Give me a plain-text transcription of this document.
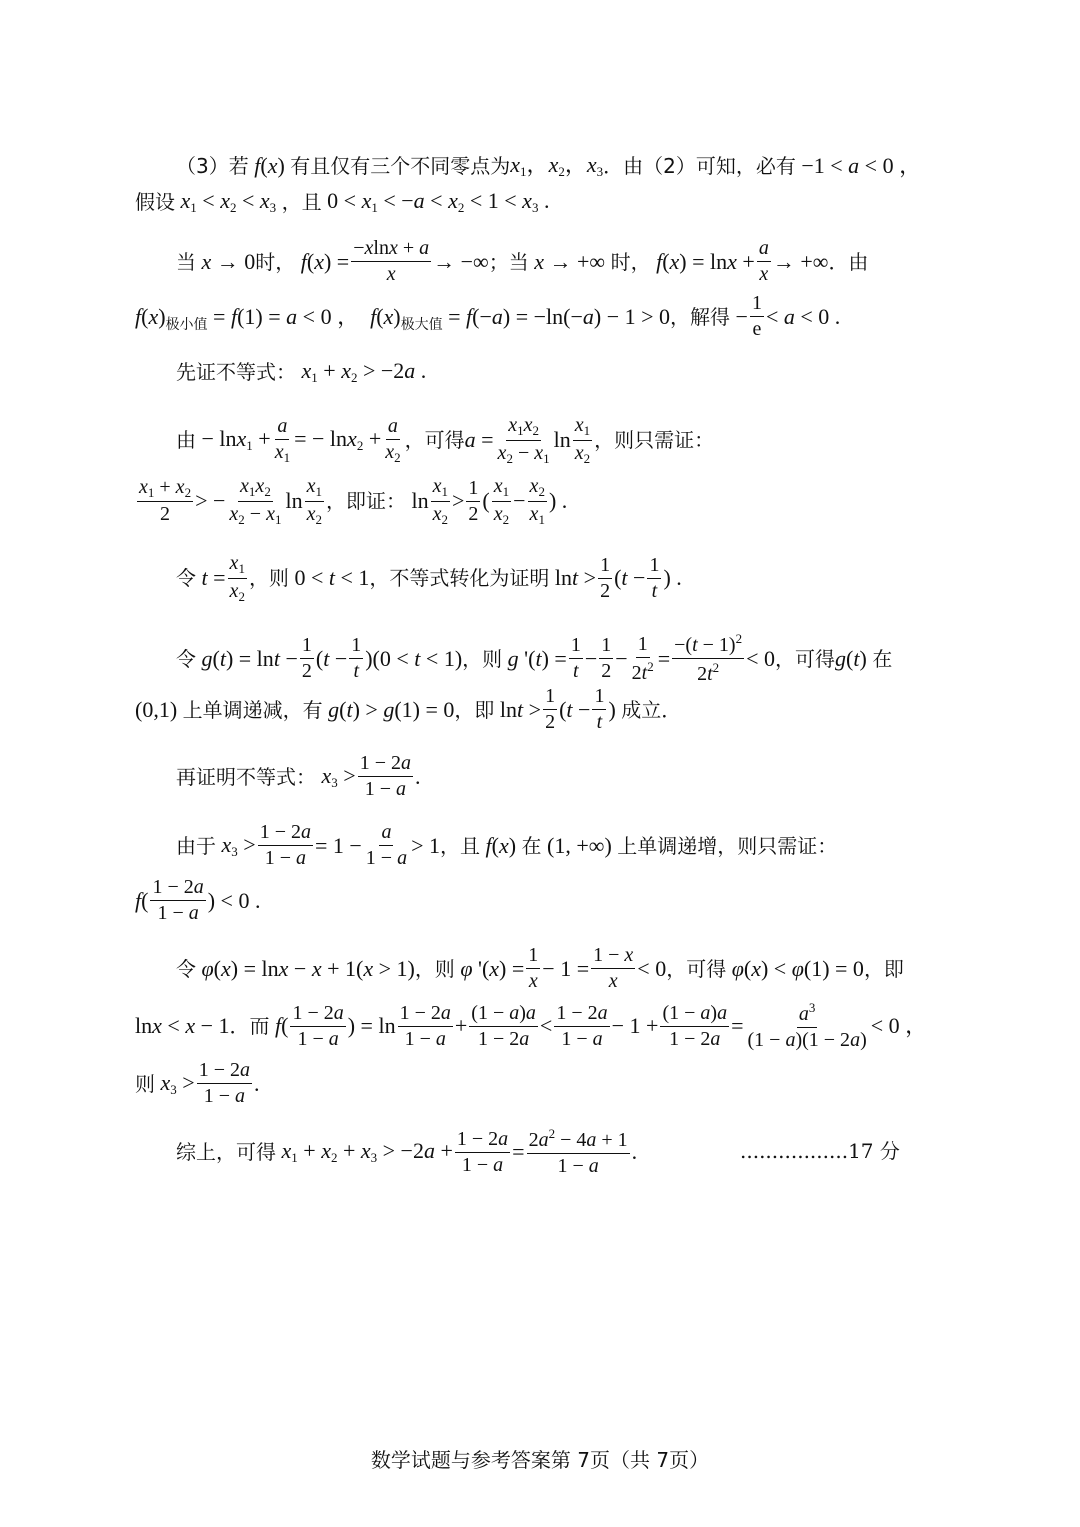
（3）若 f(x) 有且仅有三个不同零点为 $x_1$，$x_2$，$x_3$ ．由（2）可知，必有 −1 < a < 0 ，
假设 $x_1 < x_2 < x_3$ ，且 $0 < x_1 < -a < x_2 < 1 < x_3$ .
当 x → 0 时， $f(x) = \frac{-xlnx + a}{x}$ → −∞ ；当 x → +∞ 时， $f(x) = \ln x + \frac{a}{x}$ → +∞ ．由
f(x) 极小值 = f(1) = a < 0 ，  f(x) 极大值 = f(−a) = −ln(−a) − 1 > 0 ，解得 − $\frac{1}{e} < a < 0$ .
先证不等式： $x_1 + x_2 > -2a$ .
由 − $\ln x_1 + \frac{a}{x_1}$ = − $\ln x_2 + \frac{a}{x_2}$ ，可得 $a = \frac{x_1x_2}{x_2 - x_1}$ $\ln \frac{x_1}{x_2}$ ，则只需证：
$\frac{x_1 + x_2}{2}$ > − $\frac{x_1x_2}{x_2 - x_1}$ $\ln \frac{x_1}{x_2}$ ，即证： $\ln \frac{x_1}{x_2} > \frac{1}{2}$ ( $\frac{x_1}{x_2} - \frac{x_2}{x_1}$ ) .
令 $t = \frac{x_1}{x_2}$ ，则 0 < t < 1 ，不等式转化为证明 $\ln t > \frac{1}{2} (t - \frac{1}{t}$ ) .
令 $g(t) = \ln t - \frac{1}{2} (t - \frac{1}{t} )(0 < t < 1)$ ，则 g '$(t) = \frac{1}{t} - \frac{1}{2} - \frac{1}{2t^2} = \frac{-(t - 1)^2}{2t^2} < 0$ ，可得 g(t) 在
(0,1) 上单调递减，有 g(t) > g(1) = 0 ，即 $\ln t > \frac{1}{2} (t - \frac{1}{t}$ ) 成立．
再证明不等式： $x_3 > \frac{1 - 2a}{1 - a}$ .
由于 $x_3 > \frac{1 - 2a}{1 - a} = 1 - \frac{a}{1 - a} > 1$ ，且 f(x) 在 (1, +∞) 上单调递增，则只需证：
$f( \frac{1 - 2a}{1 - a}$ ) < 0 .
令 φ(x) = lnx − x + 1(x > 1) ，则 φ '$(x) = \frac{1}{x} - 1 = \frac{1 - x}{x} < 0$ ，可得 φ(x) < φ(1) = 0 ，即
lnx < x − 1 ．而 $f( \frac{1 - 2a}{1 - a}$ ) = $\ln \frac{1 - 2a}{1 - a} + \frac{(1 - a)a}{1 - 2a} < \frac{1 - 2a}{1 - a} - 1 + \frac{(1 - a)a}{1 - 2a} = \frac{a^3}{(1 - a)(1 - 2a)} < 0$ ，
则 $x_3 > \frac{1 - 2a}{1 - a}$ .
综上，可得 $x_1 + x_2 + x_3 > -2a + \frac{1 - 2a}{1 - a} = \frac{2a^2 - 4a + 1}{1 - a}$ .	.................17 分
数学试题与参考答案第 7页（共 7页）
